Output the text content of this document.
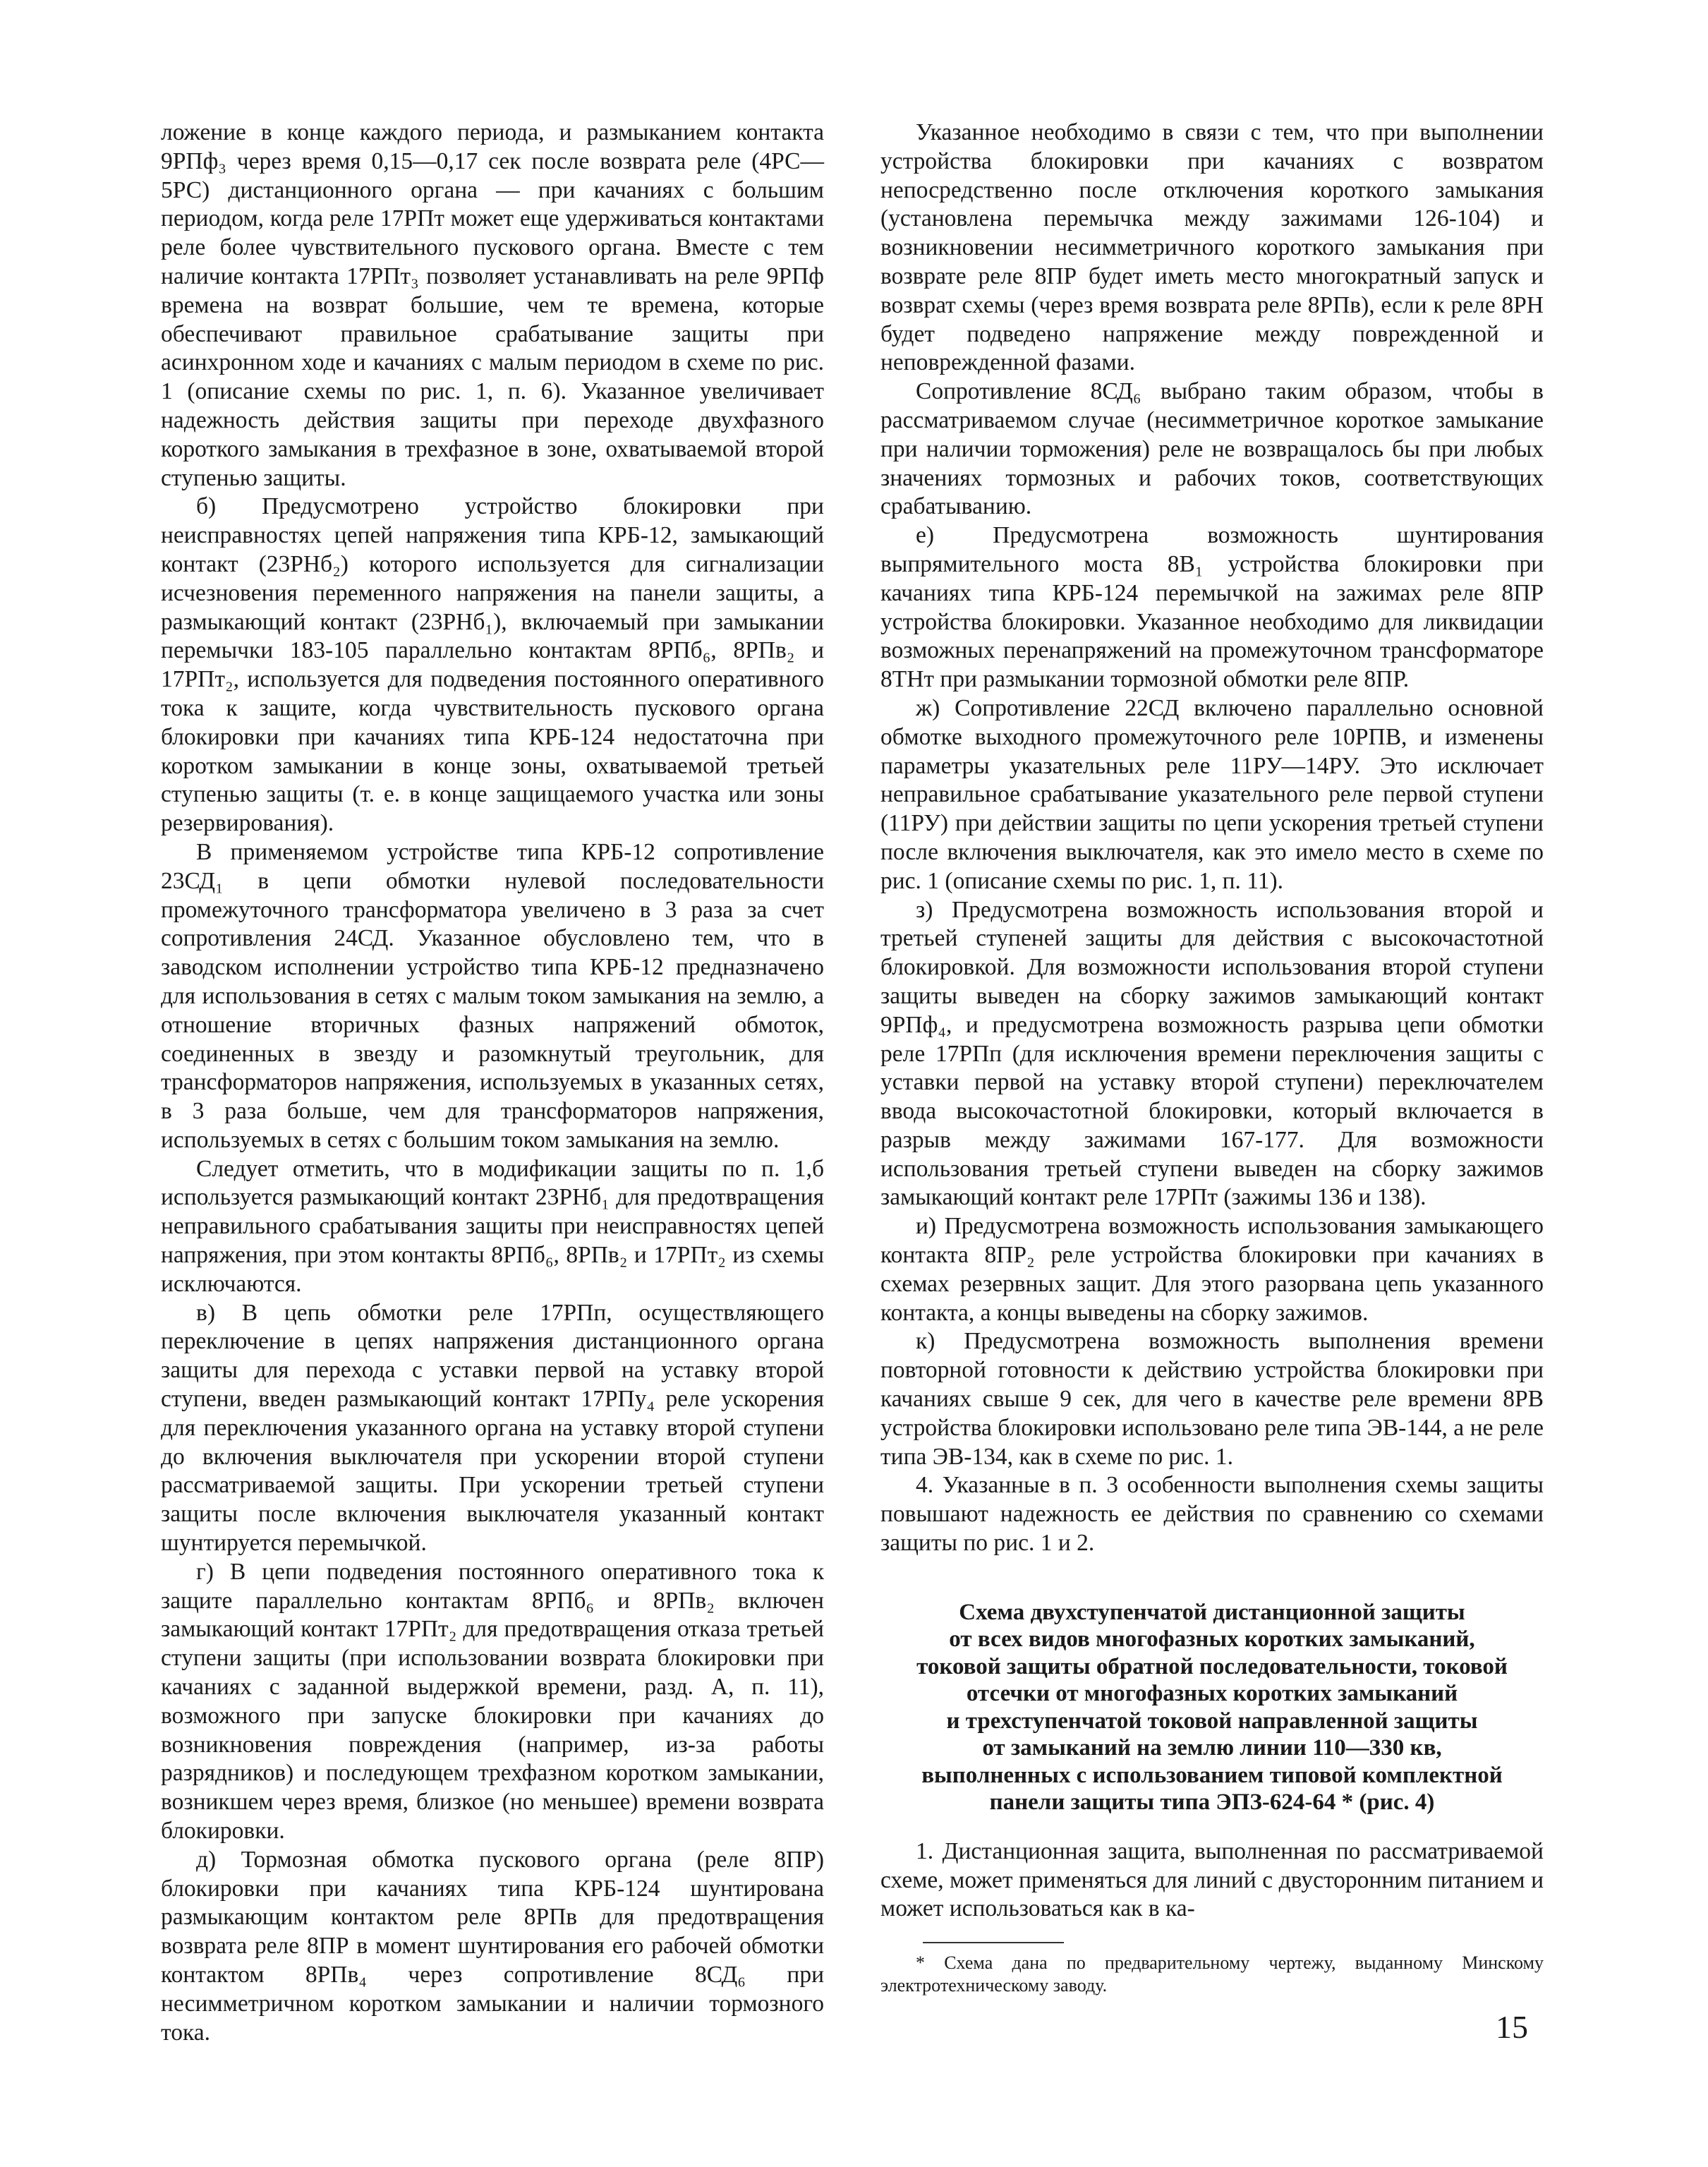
ложение в конце каждого периода, и размыканием контакта 9РПф₃ через время 0,15—0,17 сек после возврата реле (4РС—5РС) дистанционного органа — при качаниях с большим периодом, когда реле 17РПт может еще удерживаться контактами реле более чувствительного пускового органа. Вместе с тем наличие контакта 17РПт₃ позволяет устанавливать на реле 9РПф времена на возврат большие, чем те времена, которые обеспечивают правильное срабатывание защиты при асинхронном ходе и качаниях с малым периодом в схеме по рис. 1 (описание схемы по рис. 1, п. 6). Указанное увеличивает надежность действия защиты при переходе двухфазного короткого замыкания в трехфазное в зоне, охватываемой второй ступенью защиты.

б) Предусмотрено устройство блокировки при неисправностях цепей напряжения типа КРБ-12, замыкающий контакт (23РНб₂) которого используется для сигнализации исчезновения переменного напряжения на панели защиты, а размыкающий контакт (23РНб₁), включаемый при замыкании перемычки 183-105 параллельно контактам 8РПб₆, 8РПв₂ и 17РПт₂, используется для подведения постоянного оперативного тока к защите, когда чувствительность пускового органа блокировки при качаниях типа КРБ-124 недостаточна при коротком замыкании в конце зоны, охватываемой третьей ступенью защиты (т. е. в конце защищаемого участка или зоны резервирования).

В применяемом устройстве типа КРБ-12 сопротивление 23СД₁ в цепи обмотки нулевой последовательности промежуточного трансформатора увеличено в 3 раза за счет сопротивления 24СД. Указанное обусловлено тем, что в заводском исполнении устройство типа КРБ-12 предназначено для использования в сетях с малым током замыкания на землю, а отношение вторичных фазных напряжений обмоток, соединенных в звезду и разомкнутый треугольник, для трансформаторов напряжения, используемых в указанных сетях, в 3 раза больше, чем для трансформаторов напряжения, используемых в сетях с большим током замыкания на землю.

Следует отметить, что в модификации защиты по п. 1,б используется размыкающий контакт 23РНб₁ для предотвращения неправильного срабатывания защиты при неисправностях цепей напряжения, при этом контакты 8РПб₆, 8РПв₂ и 17РПт₂ из схемы исключаются.

в) В цепь обмотки реле 17РПп, осуществляющего переключение в цепях напряжения дистанционного органа защиты для перехода с уставки первой на уставку второй ступени, введен размыкающий контакт 17РПу₄ реле ускорения для переключения указанного органа на уставку второй ступени до включения выключателя при ускорении второй ступени рассматриваемой защиты. При ускорении третьей ступени защиты после включения выключателя указанный контакт шунтируется перемычкой.

г) В цепи подведения постоянного оперативного тока к защите параллельно контактам 8РПб₆ и 8РПв₂ включен замыкающий контакт 17РПт₂ для предотвращения отказа третьей ступени защиты (при использовании возврата блокировки при качаниях с заданной выдержкой времени, разд. А, п. 11), возможного при запуске блокировки при качаниях до возникновения повреждения (например, из-за работы разрядников) и последующем трехфазном коротком замыкании, возникшем через время, близкое (но меньшее) времени возврата блокировки.

д) Тормозная обмотка пускового органа (реле 8ПР) блокировки при качаниях типа КРБ-124 шунтирована размыкающим контактом реле 8РПв для предотвращения возврата реле 8ПР в момент шунтирования его рабочей обмотки контактом 8РПв₄ через сопротивление 8СД₆ при несимметричном коротком замыкании и наличии тормозного тока.

Указанное необходимо в связи с тем, что при выполнении устройства блокировки при качаниях с возвратом непосредственно после отключения короткого замыкания (установлена перемычка между зажимами 126-104) и возникновении несимметричного короткого замыкания при возврате реле 8ПР будет иметь место многократный запуск и возврат схемы (через время возврата реле 8РПв), если к реле 8РН будет подведено напряжение между поврежденной и неповрежденной фазами.

Сопротивление 8СД₆ выбрано таким образом, чтобы в рассматриваемом случае (несимметричное короткое замыкание при наличии торможения) реле не возвращалось бы при любых значениях тормозных и рабочих токов, соответствующих срабатыванию.

е) Предусмотрена возможность шунтирования выпрямительного моста 8В₁ устройства блокировки при качаниях типа КРБ-124 перемычкой на зажимах реле 8ПР устройства блокировки. Указанное необходимо для ликвидации возможных перенапряжений на промежуточном трансформаторе 8ТНт при размыкании тормозной обмотки реле 8ПР.

ж) Сопротивление 22СД включено параллельно основной обмотке выходного промежуточного реле 10РПВ, и изменены параметры указательных реле 11РУ—14РУ. Это исключает неправильное срабатывание указательного реле первой ступени (11РУ) при действии защиты по цепи ускорения третьей ступени после включения выключателя, как это имело место в схеме по рис. 1 (описание схемы по рис. 1, п. 11).

з) Предусмотрена возможность использования второй и третьей ступеней защиты для действия с высокочастотной блокировкой. Для возможности использования второй ступени защиты выведен на сборку зажимов замыкающий контакт 9РПф₄, и предусмотрена возможность разрыва цепи обмотки реле 17РПп (для исключения времени переключения защиты с уставки первой на уставку второй ступени) переключателем ввода высокочастотной блокировки, который включается в разрыв между зажимами 167-177. Для возможности использования третьей ступени выведен на сборку зажимов замыкающий контакт реле 17РПт (зажимы 136 и 138).

и) Предусмотрена возможность использования замыкающего контакта 8ПР₂ реле устройства блокировки при качаниях в схемах резервных защит. Для этого разорвана цепь указанного контакта, а концы выведены на сборку зажимов.

к) Предусмотрена возможность выполнения времени повторной готовности к действию устройства блокировки при качаниях свыше 9 сек, для чего в качестве реле времени 8РВ устройства блокировки использовано реле типа ЭВ-144, а не реле типа ЭВ-134, как в схеме по рис. 1.

4. Указанные в п. 3 особенности выполнения схемы защиты повышают надежность ее действия по сравнению со схемами защиты по рис. 1 и 2.

Схема двухступенчатой дистанционной защиты
от всех видов многофазных коротких замыканий,
токовой защиты обратной последовательности, токовой
отсечки от многофазных коротких замыканий
и трехступенчатой токовой направленной защиты
от замыканий на землю линии 110—330 кв,
выполненных с использованием типовой комплектной
панели защиты типа ЭПЗ-624-64 * (рис. 4)

1. Дистанционная защита, выполненная по рассматриваемой схеме, может применяться для линий с двусторонним питанием и может использоваться как в ка-

* Схема дана по предварительному чертежу, выданному Минскому электротехническому заводу.

15
